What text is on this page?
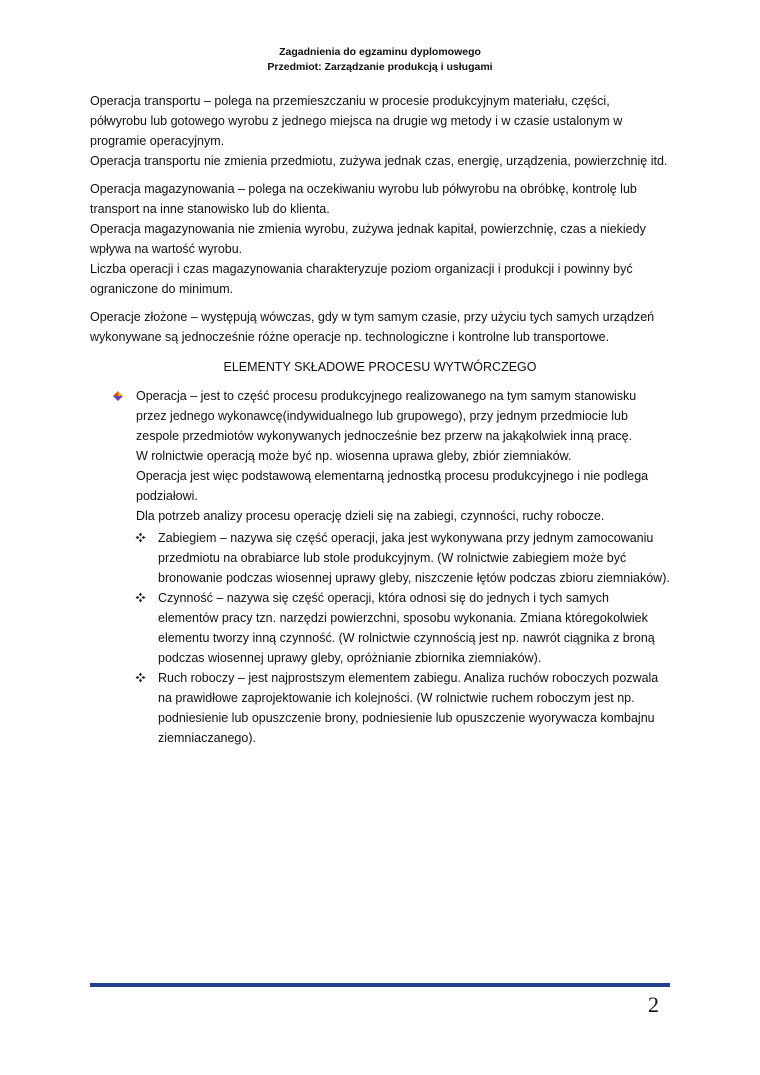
Zagadnienia do egzaminu dyplomowego
Przedmiot: Zarządzanie produkcją i usługami

Operacja transportu – polega na przemieszczaniu w procesie produkcyjnym materiału, części, półwyrobu lub gotowego wyrobu z jednego miejsca na drugie wg metody i w czasie ustalonym w programie operacyjnym.

Operacja transportu nie zmienia przedmiotu, zużywa jednak czas, energię, urządzenia, powierzchnię itd.

Operacja magazynowania – polega na oczekiwaniu wyrobu lub półwyrobu na obróbkę, kontrolę lub transport na inne stanowisko lub do klienta.

Operacja magazynowania nie zmienia wyrobu, zużywa jednak kapitał, powierzchnię, czas a niekiedy wpływa na wartość wyrobu.

Liczba operacji i czas magazynowania charakteryzuje poziom organizacji i produkcji i powinny być ograniczone do minimum.

Operacje złożone – występują wówczas, gdy w tym samym czasie, przy użyciu tych samych urządzeń wykonywane są jednocześnie różne operacje np. technologiczne i kontrolne lub transportowe.

ELEMENTY SKŁADOWE PROCESU WYTWÓRCZEGO

Operacja – jest to część procesu produkcyjnego realizowanego na tym samym stanowisku przez jednego wykonawcę(indywidualnego lub grupowego), przy jednym przedmiocie lub zespole przedmiotów wykonywanych jednocześnie bez przerw na jakąkolwiek inną pracę.

W rolnictwie operacją może być np. wiosenna uprawa gleby, zbiór ziemniaków.

Operacja jest więc podstawową elementarną jednostką procesu produkcyjnego i nie podlega podziałowi.

Dla potrzeb analizy procesu operację dzieli się na zabiegi, czynności, ruchy robocze.

Zabiegiem – nazywa się część operacji, jaka jest wykonywana przy jednym zamocowaniu przedmiotu na obrabiarce lub stole produkcyjnym. (W rolnictwie zabiegiem może być bronowanie podczas wiosennej uprawy gleby, niszczenie łętów podczas zbioru ziemniaków).

Czynność – nazywa się część operacji, która odnosi się do jednych i tych samych elementów pracy tzn. narzędzi powierzchni, sposobu wykonania. Zmiana któregokolwiek elementu tworzy inną czynność. (W rolnictwie czynnością jest np. nawrót ciągnika z broną podczas wiosennej uprawy gleby, opróżnianie zbiornika ziemniaków).

Ruch roboczy – jest najprostszym elementem zabiegu. Analiza ruchów roboczych pozwala na prawidłowe zaprojektowanie ich kolejności. (W rolnictwie ruchem roboczym jest np. podniesienie lub opuszczenie brony, podniesienie lub opuszczenie wyorywacza kombajnu ziemniaczanego).

2
